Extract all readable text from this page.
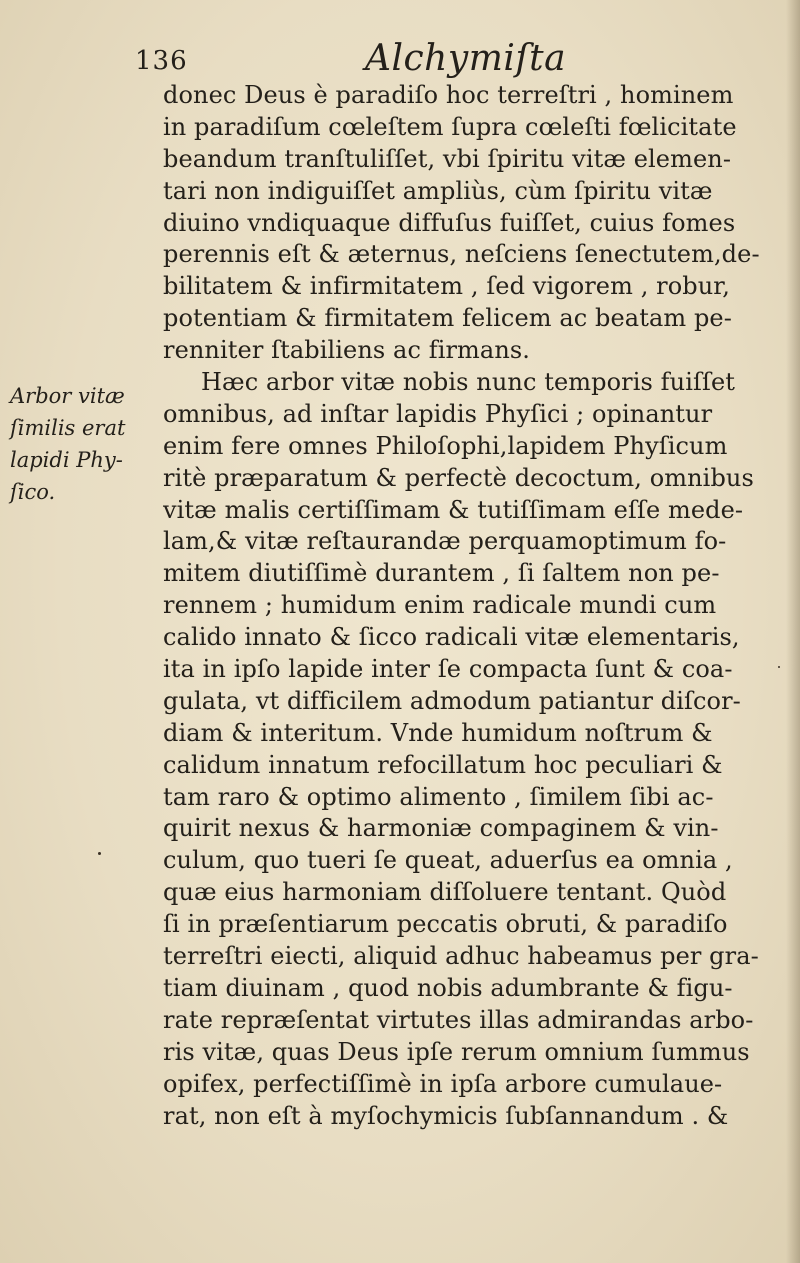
136	Alchymiſta
Arbor vitæ
ſimilis erat
lapidi Phy-
ſico.
donec Deus è paradiſo hoc terreſtri , hominem
in paradiſum cœleſtem ſupra cœleſti fœlicitate
beandum tranſtuliſſet, vbi ſpiritu vitæ elemen-
tari non indiguiſſet ampliùs, cùm ſpiritu vitæ
diuino vndiquaque diffuſus fuiſſet, cuius fomes
perennis eſt & æternus, neſciens ſenectutem,de-
bilitatem & infirmitatem , ſed vigorem , robur,
potentiam & firmitatem felicem ac beatam pe-
renniter ſtabiliens ac firmans.
Hæc arbor vitæ nobis nunc temporis fuiſſet
omnibus, ad inſtar lapidis Phyſici ; opinantur
enim fere omnes Philoſophi,lapidem Phyſicum
ritè præparatum & perfectè decoctum, omnibus
vitæ malis certiſſimam & tutiſſimam eſſe mede-
lam,& vitæ reſtaurandæ perquamoptimum fo-
mitem diutiſſimè durantem , ſi ſaltem non pe-
rennem ; humidum enim radicale mundi cum
calido innato & ſicco radicali vitæ elementaris,
ita in ipſo lapide inter ſe compacta ſunt & coa-
gulata, vt difficilem admodum patiantur diſcor-
diam & interitum. Vnde humidum noſtrum &
calidum innatum refocillatum hoc peculiari &
tam raro & optimo alimento , ſimilem ſibi ac-
quirit nexus & harmoniæ compaginem & vin-
culum, quo tueri ſe queat, aduerſus ea omnia ,
quæ eius harmoniam diſſoluere tentant. Quòd
ſi in præſentiarum peccatis obruti, & paradiſo
terreſtri eiecti, aliquid adhuc habeamus per gra-
tiam diuinam , quod nobis adumbrante & figu-
rate repræſentat virtutes illas admirandas arbo-
ris vitæ, quas Deus ipſe rerum omnium ſummus
opifex, perfectiſſimè in ipſa arbore cumulaue-
rat, non eſt à myſochymicis ſubſannandum . &
